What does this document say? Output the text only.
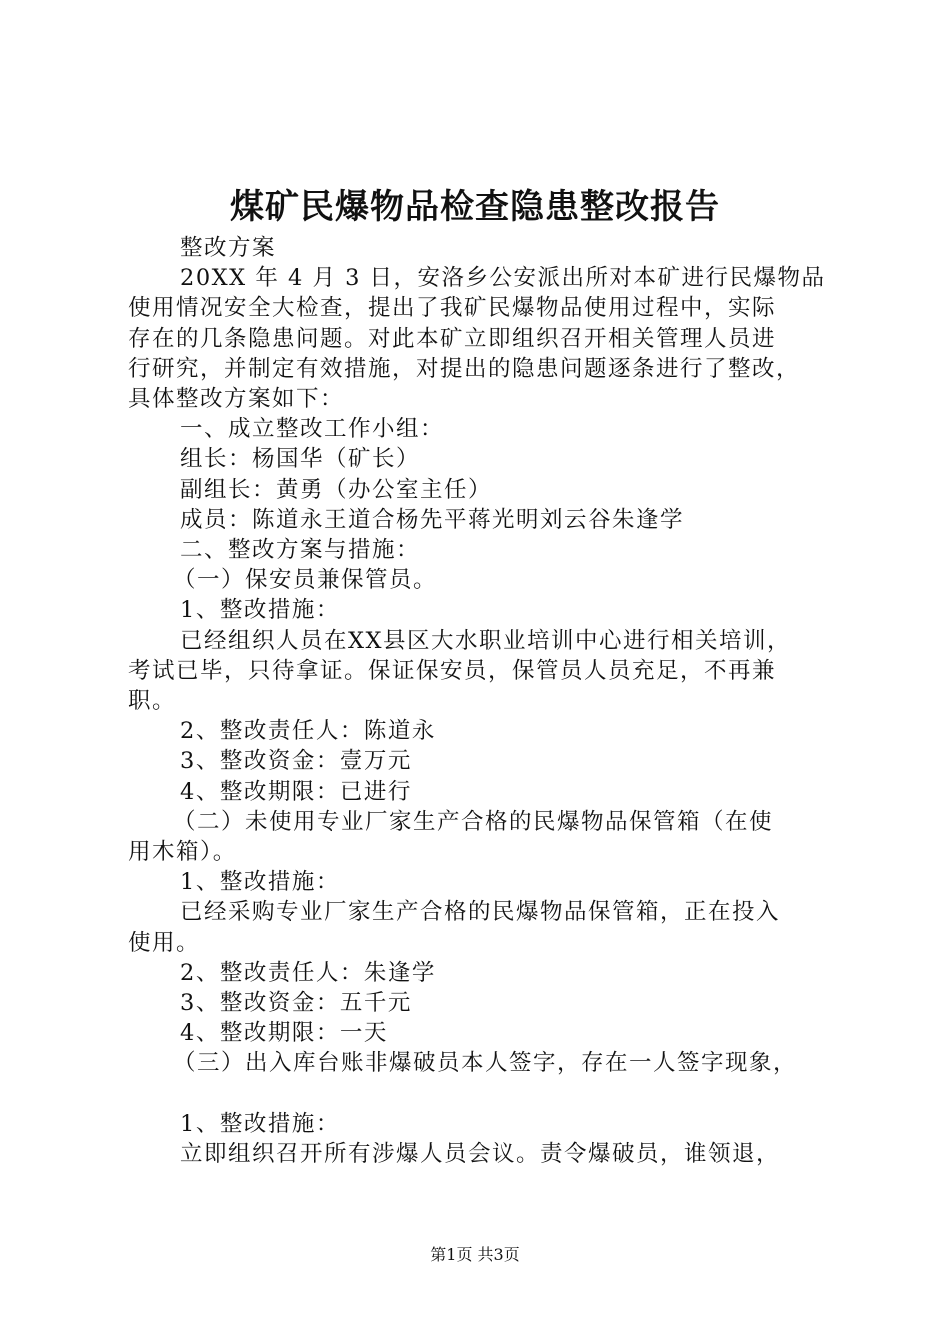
煤矿民爆物品检查隐患整改报告

整改方案

20XX 年 4 月 3 日，安洛乡公安派出所对本矿进行民爆物品

使用情况安全大检查，提出了我矿民爆物品使用过程中，实际

存在的几条隐患问题。对此本矿立即组织召开相关管理人员进

行研究，并制定有效措施，对提出的隐患问题逐条进行了整改，

具体整改方案如下：

一、成立整改工作小组：

组长：杨国华（矿长）

副组长：黄勇（办公室主任）

成员：陈道永王道合杨先平蒋光明刘云谷朱逢学

二、整改方案与措施：

（一）保安员兼保管员。

1、整改措施：

已经组织人员在XX县区大水职业培训中心进行相关培训，

考试已毕，只待拿证。保证保安员，保管员人员充足，不再兼

职。

2、整改责任人：陈道永

3、整改资金：壹万元

4、整改期限：已进行

（二）未使用专业厂家生产合格的民爆物品保管箱（在使

用木箱）。

1、整改措施：

已经采购专业厂家生产合格的民爆物品保管箱，正在投入

使用。

2、整改责任人：朱逢学

3、整改资金：五千元

4、整改期限：一天

（三）出入库台账非爆破员本人签字，存在一人签字现象，

1、整改措施：

立即组织召开所有涉爆人员会议。责令爆破员，谁领退，

第1页 共3页
